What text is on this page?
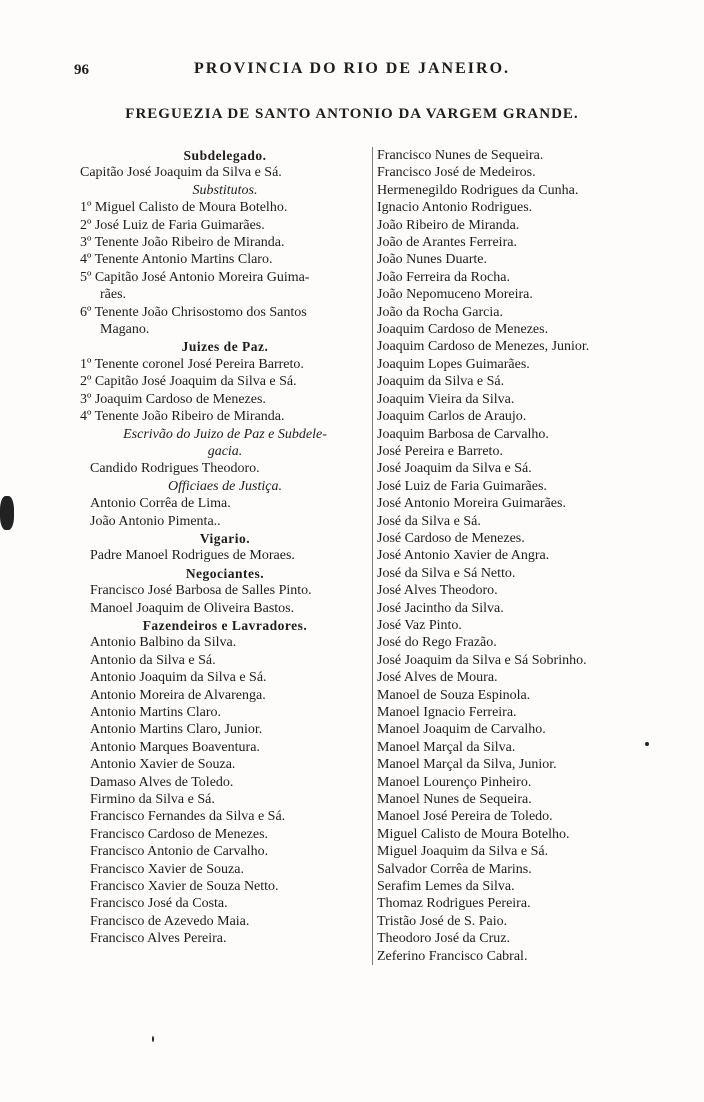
96	PROVINCIA DO RIO DE JANEIRO.
FREGUEZIA DE SANTO ANTONIO DA VARGEM GRANDE.
Subdelegado.
Capitão José Joaquim da Silva e Sá.
Substitutos.
1º Miguel Calisto de Moura Botelho.
2º José Luiz de Faria Guimarães.
3º Tenente João Ribeiro de Miranda.
4º Tenente Antonio Martins Claro.
5º Capitão José Antonio Moreira Guima-
rães.
6º Tenente João Chrisostomo dos Santos
Magano.
Juizes de Paz.
1º Tenente coronel José Pereira Barreto.
2º Capitão José Joaquim da Silva e Sá.
3º Joaquim Cardoso de Menezes.
4º Tenente João Ribeiro de Miranda.
Escrivão do Juizo de Paz e Subdele-
gacia.
Candido Rodrigues Theodoro.
Officiaes de Justiça.
Antonio Corrêa de Lima.
João Antonio Pimenta..
Vigario.
Padre Manoel Rodrigues de Moraes.
Negociantes.
Francisco José Barbosa de Salles Pinto.
Manoel Joaquim de Oliveira Bastos.
Fazendeiros e Lavradores.
Antonio Balbino da Silva.
Antonio da Silva e Sá.
Antonio Joaquim da Silva e Sá.
Antonio Moreira de Alvarenga.
Antonio Martins Claro.
Antonio Martins Claro, Junior.
Antonio Marques Boaventura.
Antonio Xavier de Souza.
Damaso Alves de Toledo.
Firmino da Silva e Sá.
Francisco Fernandes da Silva e Sá.
Francisco Cardoso de Menezes.
Francisco Antonio de Carvalho.
Francisco Xavier de Souza.
Francisco Xavier de Souza Netto.
Francisco José da Costa.
Francisco de Azevedo Maia.
Francisco Alves Pereira.
Francisco Nunes de Sequeira.
Francisco José de Medeiros.
Hermenegildo Rodrigues da Cunha.
Ignacio Antonio Rodrigues.
João Ribeiro de Miranda.
João de Arantes Ferreira.
João Nunes Duarte.
João Ferreira da Rocha.
João Nepomuceno Moreira.
João da Rocha Garcia.
Joaquim Cardoso de Menezes.
Joaquim Cardoso de Menezes, Junior.
Joaquim Lopes Guimarães.
Joaquim da Silva e Sá.
Joaquim Vieira da Silva.
Joaquim Carlos de Araujo.
Joaquim Barbosa de Carvalho.
José Pereira e Barreto.
José Joaquim da Silva e Sá.
José Luiz de Faria Guimarães.
José Antonio Moreira Guimarães.
José da Silva e Sá.
José Cardoso de Menezes.
José Antonio Xavier de Angra.
José da Silva e Sá Netto.
José Alves Theodoro.
José Jacintho da Silva.
José Vaz Pinto.
José do Rego Frazão.
José Joaquim da Silva e Sá Sobrinho.
José Alves de Moura.
Manoel de Souza Espinola.
Manoel Ignacio Ferreira.
Manoel Joaquim de Carvalho.
Manoel Marçal da Silva.
Manoel Marçal da Silva, Junior.
Manoel Lourenço Pinheiro.
Manoel Nunes de Sequeira.
Manoel José Pereira de Toledo.
Miguel Calisto de Moura Botelho.
Miguel Joaquim da Silva e Sá.
Salvador Corrêa de Marins.
Serafim Lemes da Silva.
Thomaz Rodrigues Pereira.
Tristão José de S. Paio.
Theodoro José da Cruz.
Zeferino Francisco Cabral.
